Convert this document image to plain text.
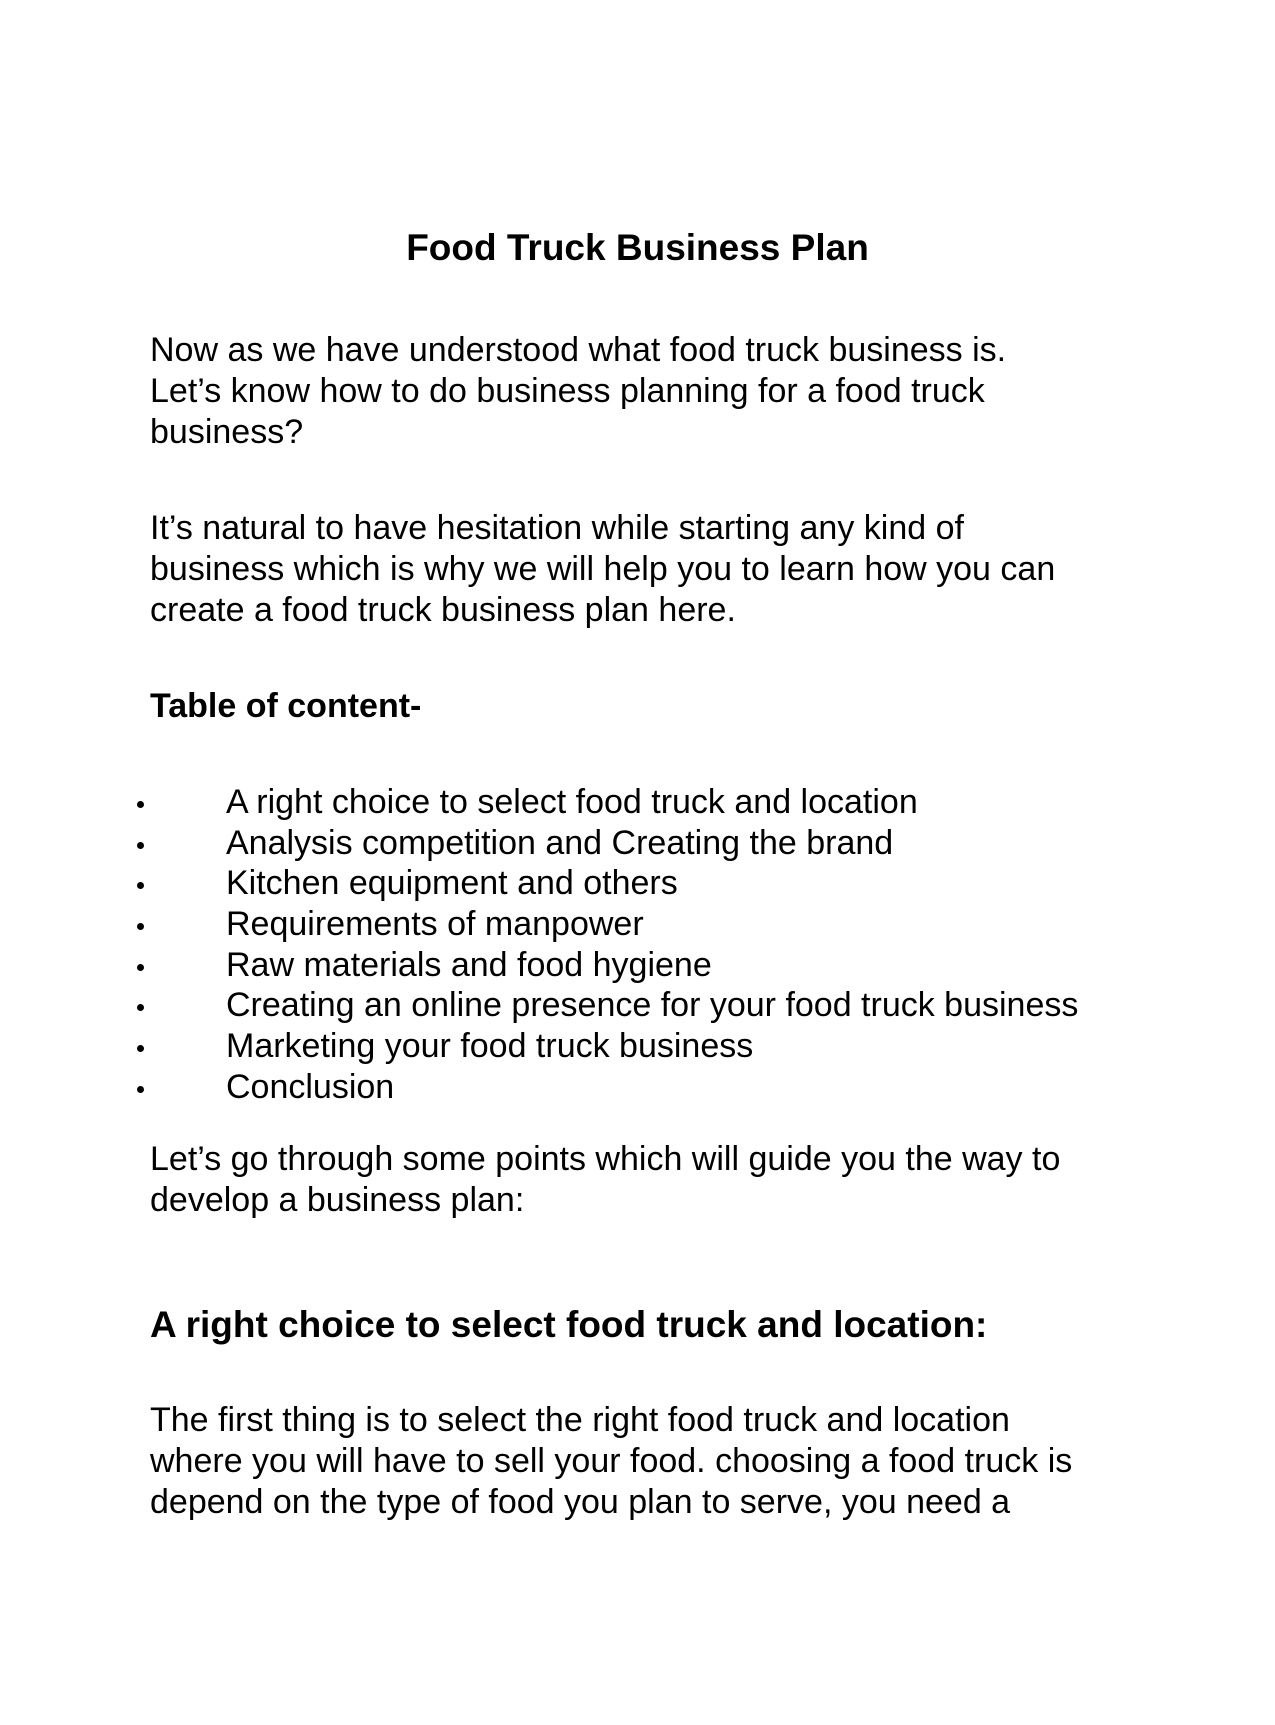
Food Truck Business Plan

Now as we have understood what food truck business is.
Let’s know how to do business planning for a food truck
business?

It’s natural to have hesitation while starting any kind of
business which is why we will help you to learn how you can
create a food truck business plan here.

Table of content-
A right choice to select food truck and location
Analysis competition and Creating the brand
Kitchen equipment and others
Requirements of manpower
Raw materials and food hygiene
Creating an online presence for your food truck business
Marketing your food truck business
Conclusion

Let’s go through some points which will guide you the way to
develop a business plan:

A right choice to select food truck and location:

The first thing is to select the right food truck and location
where you will have to sell your food. choosing a food truck is
depend on the type of food you plan to serve, you need a
